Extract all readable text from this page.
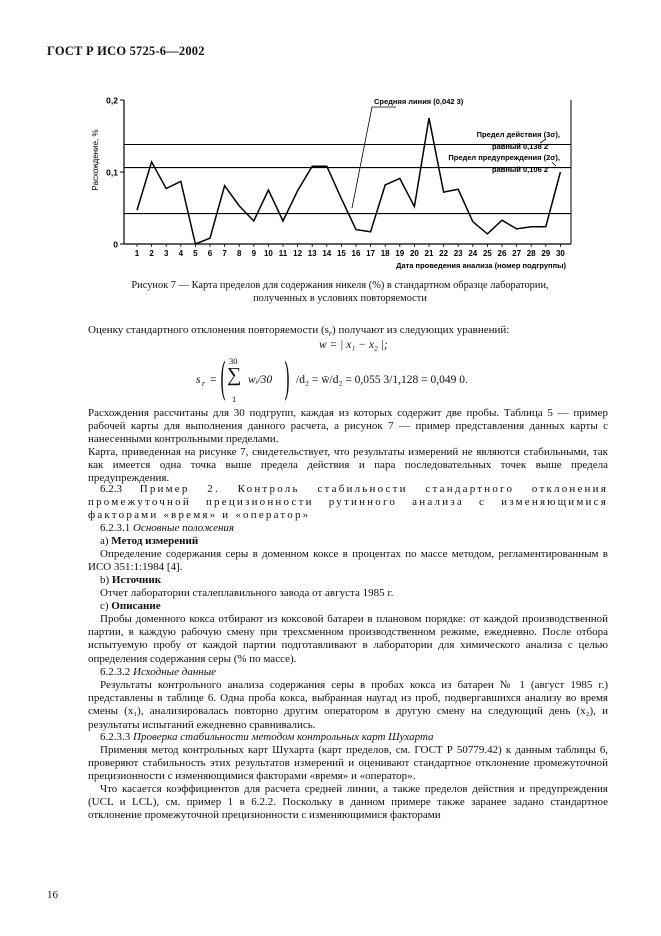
ГОСТ Р ИСО 5725-6—2002
0,2
0,1
0
Расхождение, %
1 2 3 4 5 6 7 8 9 10 11 12 13 14 15 16 17 18 19 20 21 22 23 24 25 26 27 28 29 30
Дата проведения анализа (номер подгруппы)
Средняя линия (0,042 3)
Предел действия (3σ),
равный 0,138 2
Предел предупреждения (2σ),
равный 0,106 2
Рисунок 7 — Карта пределов для содержания никеля (%) в стандартном образце лаборатории,
полученных в условиях повторяемости
Оценку стандартного отклонения повторяемости $(s_r)$ получают из следующих уравнений:
w = | x₁ − x₂ |;
s r = ( 30
∑
1
wᵢ/30 ) /d₂ = w̄/d₂ = 0,055 3/1,128 = 0,049 0.
Расхождения рассчитаны для 30 подгрупп, каждая из которых содержит две пробы. Таблица 5 — пример рабочей карты для выполнения данного расчета, а рисунок 7 — пример представления данных карты с нанесенными контрольными пределами.
Карта, приведенная на рисунке 7, свидетельствует, что результаты измерений не являются стабильными, так как имеется одна точка выше предела действия и пара последовательных точек выше предела предупреждения.
6.2.3 Пример 2. Контроль стабильности стандартного отклонения промежуточной прецизионности рутинного анализа с изменяющимися факторами «время» и «оператор»
6.2.3.1 Основные положения
a) Метод измерений
Определение содержания серы в доменном коксе в процентах по массе методом, регламентированным в ИСО 351:1:1984 [4].
b) Источник
Отчет лаборатории сталеплавильного завода от августа 1985 г.
c) Описание
Пробы доменного кокса отбирают из коксовой батареи в плановом порядке: от каждой производственной партии, в каждую рабочую смену при трехсменном производственном режиме, ежедневно. После отбора испытуемую пробу от каждой партии подготавливают в лаборатории для химического анализа с целью определения содержания серы (% по массе).
6.2.3.2 Исходные данные
Результаты контрольного анализа содержания серы в пробах кокса из батареи № 1 (август 1985 г.) представлены в таблице 6. Одна проба кокса, выбранная наугад из проб, подвергавшихся анализу во время смены (x₁), анализировалась повторно другим оператором в другую смену на следующий день (x₂), и результаты испытаний ежедневно сравнивались.
6.2.3.3 Проверка стабильности методом контрольных карт Шухарта
Применяя метод контрольных карт Шухарта (карт пределов, см. ГОСТ Р 50779.42) к данным таблицы 6, проверяют стабильность этих результатов измерений и оценивают стандартное отклонение промежуточной прецизионности с изменяющимися факторами «время» и «оператор».
Что касается коэффициентов для расчета средней линии, а также пределов действия и предупреждения (UCL и LCL), см. пример 1 в 6.2.2. Поскольку в данном примере также заранее задано стандартное отклонение промежуточной прецизионности с изменяющимися факторами
16
